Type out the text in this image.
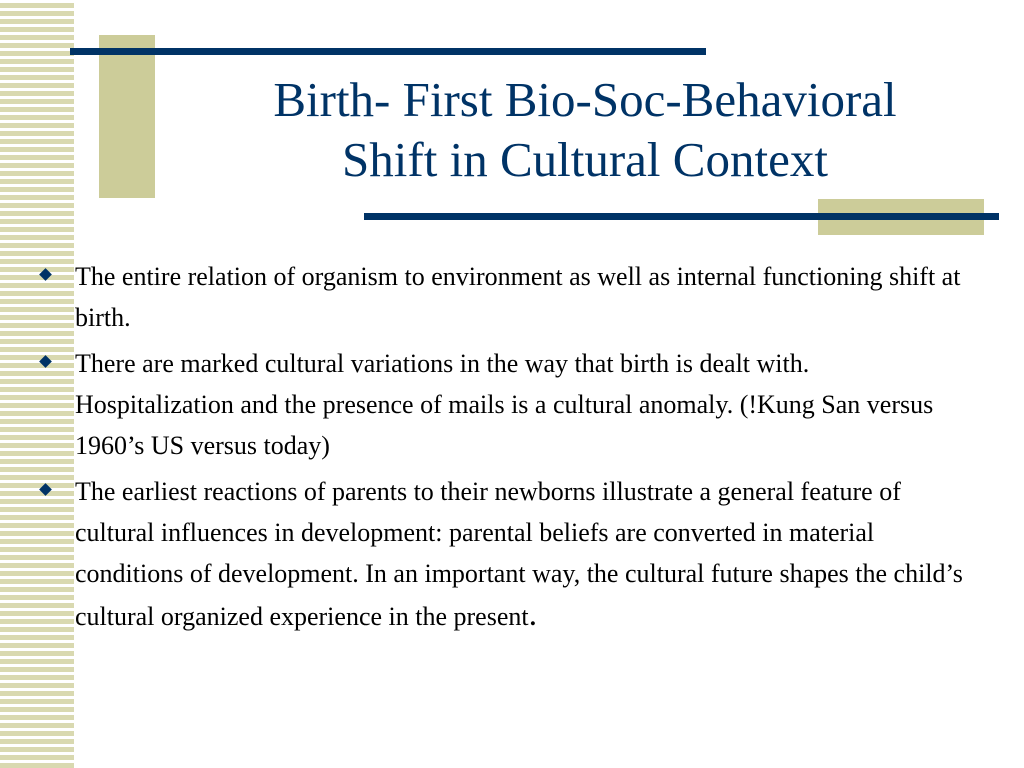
Birth- First Bio-Soc-Behavioral
Shift in Cultural Context
The entire relation of organism to environment as well as internal functioning shift at birth.
There are marked cultural variations in the way that birth is dealt with. Hospitalization and the presence of mails is a cultural anomaly. (!Kung San versus 1960’s US versus today)
The earliest reactions of parents to their newborns illustrate a general feature of cultural influences in development: parental beliefs are converted in material conditions of development. In an important way, the cultural future shapes the child’s cultural organized experience in the present.
